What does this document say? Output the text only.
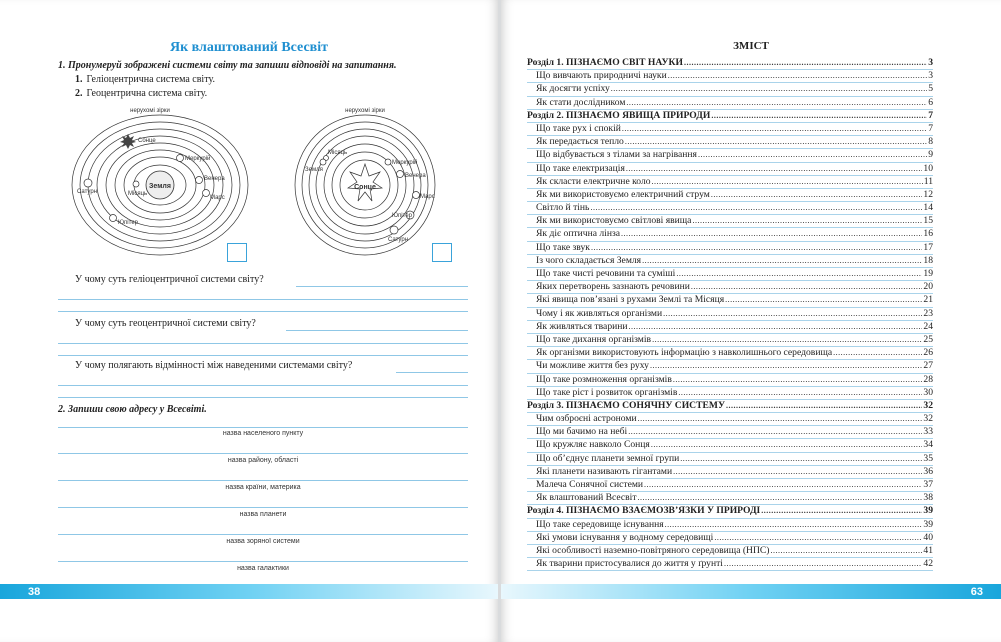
Як влаштований Всесвіт
1. Пронумеруй зображені системи світу та запиши відповіді на запитання.
1. Геліоцентрична система світу.
2. Геоцентрична система світу.
Земля
нерухомі зірки
Сонце
Меркурій
Венера
Марс
Сатурн	Місяць
Юпітер
нерухомі зірки
Сонце
Місяць
Земля
Меркурій
Венера
Марс
Юпітер
Сатурн
У чому суть геліоцентричної системи світу?
У чому суть геоцентричної системи світу?
У чому полягають відмінності між наведеними системами світу?
2. Запиши свою адресу у Всесвіті.
назва населеного пункту
назва району, області
назва країни, материка
назва планети
назва зоряної системи
назва галактики
38	63
ЗМІСТ
Розділ 1. ПІЗНАЄМО СВІТ НАУКИ .....	3
Що вивчають природничі науки .....	3
Як досягти успіху .....	5
Як стати дослідником .....	6
Розділ 2. ПІЗНАЄМО ЯВИЩА ПРИРОДИ .....	7
Що таке рух і спокій .....	7
Як передається тепло .....	8
Що відбувається з тілами за нагрівання .....	9
Що таке електризація .....	10
Як скласти електричне коло .....	11
Як ми використовуємо електричний струм .....	12
Світло й тінь .....	14
Як ми використовуємо світлові явища .....	15
Як діє оптична лінза .....	16
Що таке звук .....	17
Із чого складається Земля .....	18
Що таке чисті речовини та суміші .....	19
Яких перетворень зазнають речовини .....	20
Які явища пов’язані з рухами Землі та Місяця .....	21
Чому і як живляться організми .....	23
Як живляться тварини .....	24
Що таке дихання організмів .....	25
Як організми використовують інформацію з навколишнього середовища .....	26
Чи можливе життя без руху .....	27
Що таке розмноження організмів .....	28
Що таке ріст і розвиток організмів .....	30
Розділ 3. ПІЗНАЄМО СОНЯЧНУ СИСТЕМУ .....	32
Чим озброєні астрономи .....	32
Що ми бачимо на небі .....	33
Що кружляє навколо Сонця .....	34
Що об’єднує планети земної групи .....	35
Які планети називають гігантами .....	36
Малеча Сонячної системи .....	37
Як влаштований Всесвіт .....	38
Розділ 4. ПІЗНАЄМО ВЗАЄМОЗВ’ЯЗКИ У ПРИРОДІ .....	39
Що таке середовище існування .....	39
Які умови існування у водному середовищі .....	40
Які особливості наземно-повітряного середовища (НПС) .....	41
Як тварини пристосувалися до життя у ґрунті .....	42
